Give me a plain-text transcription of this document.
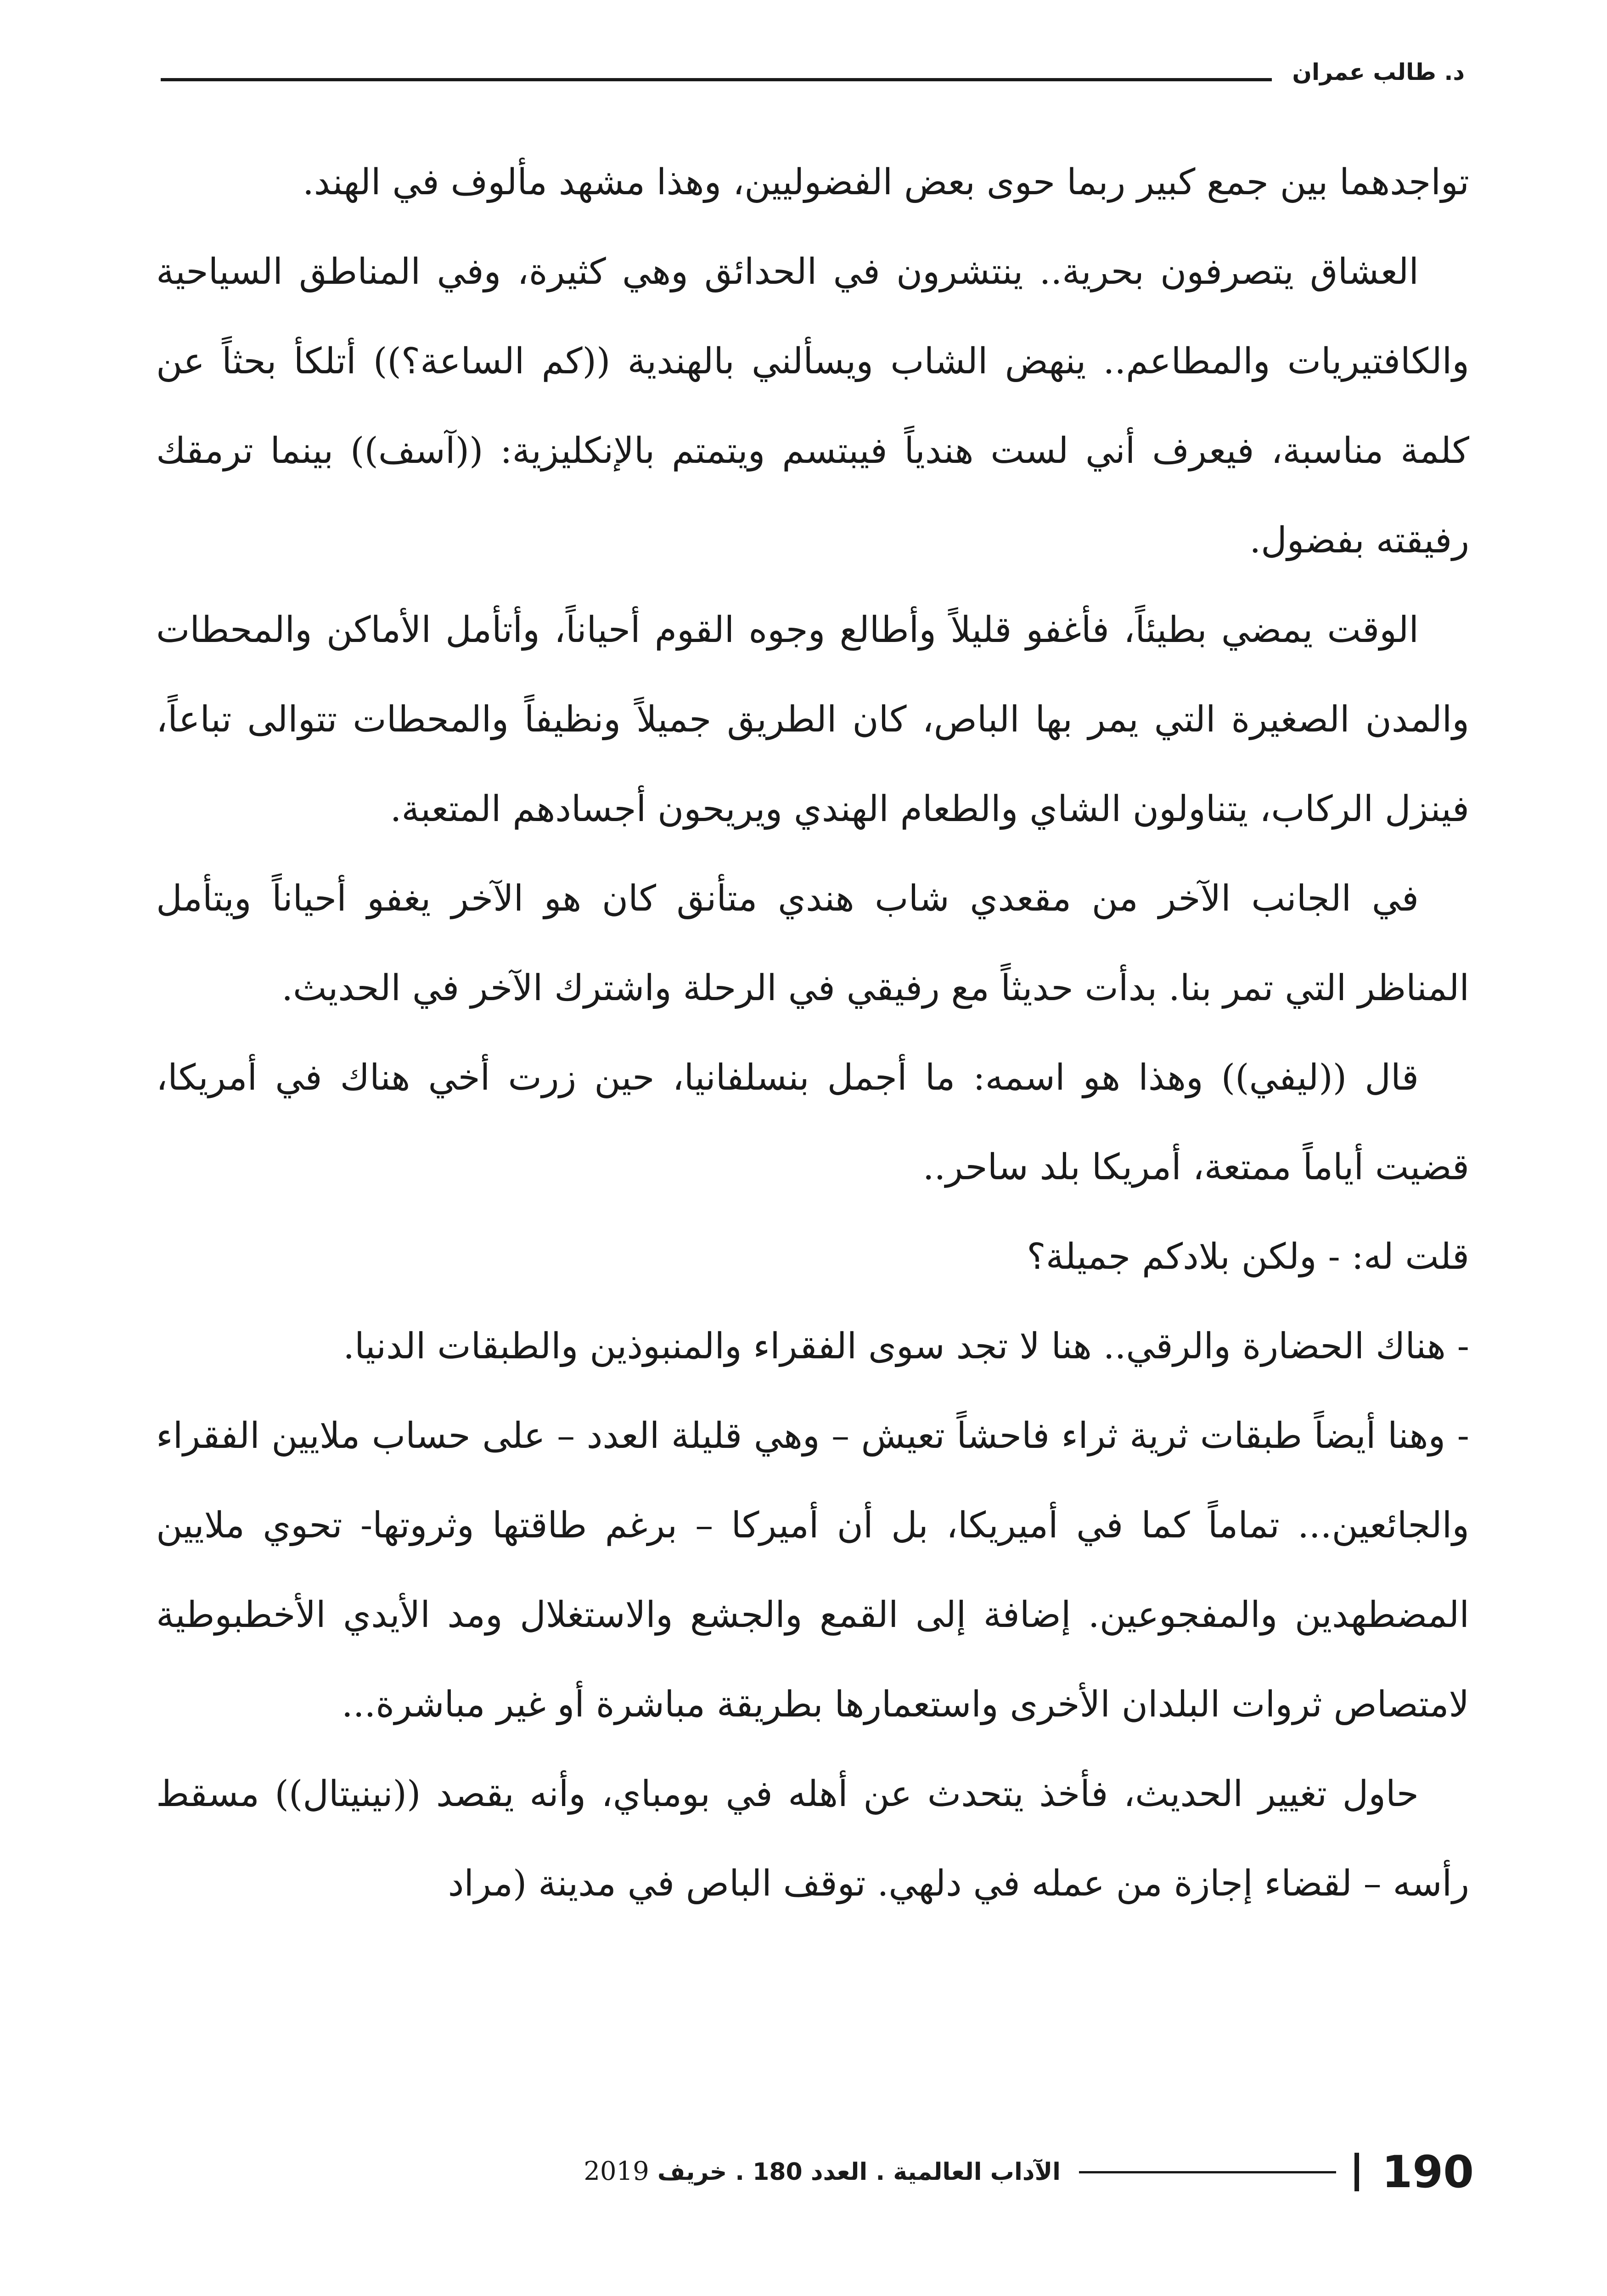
د. طالب عمران

تواجدهما بين جمع كبير ربما حوى بعض الفضوليين، وهذا مشهد مألوف في الهند.

العشاق يتصرفون بحرية.. ينتشرون في الحدائق وهي كثيرة، وفي المناطق السياحية والكافتيريات والمطاعم.. ينهض الشاب ويسألني بالهندية ((كم الساعة؟)) أتلكأ بحثاً عن كلمة مناسبة، فيعرف أني لست هندياً فيبتسم ويتمتم بالإنكليزية: ((آسف)) بينما ترمقك رفيقته بفضول.

الوقت يمضي بطيئاً، فأغفو قليلاً وأطالع وجوه القوم أحياناً، وأتأمل الأماكن والمحطات والمدن الصغيرة التي يمر بها الباص، كان الطريق جميلاً ونظيفاً والمحطات تتوالى تباعاً، فينزل الركاب، يتناولون الشاي والطعام الهندي ويريحون أجسادهم المتعبة.

في الجانب الآخر من مقعدي شاب هندي متأنق كان هو الآخر يغفو أحياناً ويتأمل المناظر التي تمر بنا. بدأت حديثاً مع رفيقي في الرحلة واشترك الآخر في الحديث.

قال ((ليفي)) وهذا هو اسمه: ما أجمل بنسلفانيا، حين زرت أخي هناك في أمريكا، قضيت أياماً ممتعة، أمريكا بلد ساحر..

قلت له: - ولكن بلادكم جميلة؟

- هناك الحضارة والرقي.. هنا لا تجد سوى الفقراء والمنبوذين والطبقات الدنيا.

- وهنا أيضاً طبقات ثرية ثراء فاحشاً تعيش – وهي قليلة العدد – على حساب ملايين الفقراء والجائعين... تماماً كما في أميريكا، بل أن أميركا – برغم طاقتها وثروتها- تحوي ملايين المضطهدين والمفجوعين. إضافة إلى القمع والجشع والاستغلال ومد الأيدي الأخطبوطية لامتصاص ثروات البلدان الأخرى واستعمارها بطريقة مباشرة أو غير مباشرة...

حاول تغيير الحديث، فأخذ يتحدث عن أهله في بومباي، وأنه يقصد ((نينيتال)) مسقط رأسه – لقضاء إجازة من عمله في دلهي. توقف الباص في مدينة (مراد

190
الآداب العالمية . العدد 180 . خريف 2019
